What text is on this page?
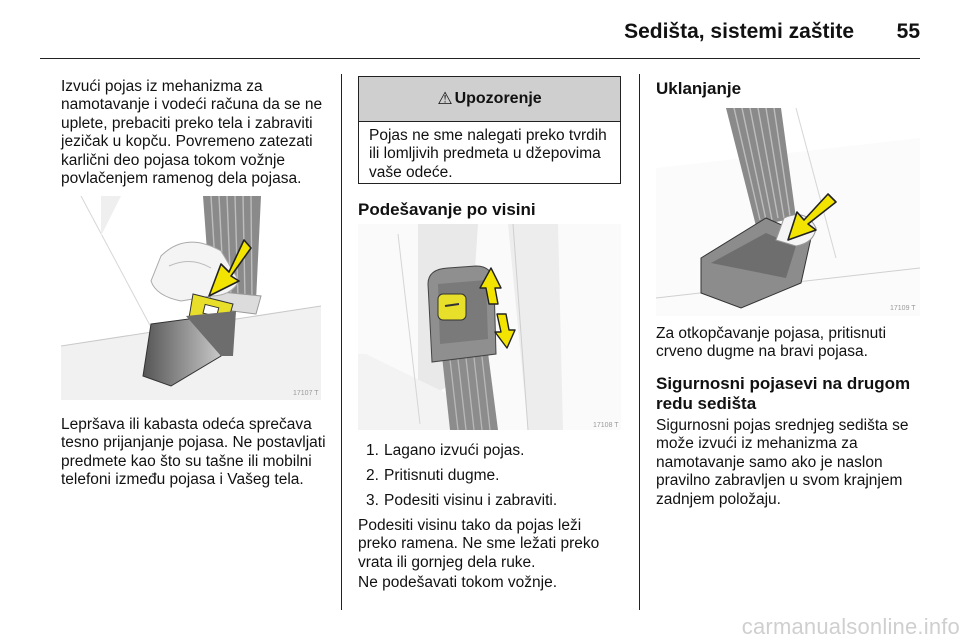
Sedišta, sistemi zaštite 55

Izvući pojas iz mehanizma za namotavanje i vodeći računa da se ne uplete, prebaciti preko tela i zabraviti jezičak u kopču. Povremeno zatezati karlični deo pojasa tokom vožnje povlačenjem ramenog dela pojasa.

17107 T

Lepršava ili kabasta odeća sprečava tesno prijanjanje pojasa. Ne postavljati predmete kao što su tašne ili mobilni telefoni između pojasa i Vašeg tela.

⚠ Upozorenje
Pojas ne sme nalegati preko tvrdih ili lomljivih predmeta u džepovima vaše odeće.
Podešavanje po visini
17108 T
1. Lagano izvući pojas.
2. Pritisnuti dugme.
3. Podesiti visinu i zabraviti.

Podesiti visinu tako da pojas leži preko ramena. Ne sme ležati preko vrata ili gornjeg dela ruke.

Ne podešavati tokom vožnje.

Uklanjanje
17109 T

Za otkopčavanje pojasa, pritisnuti crveno dugme na bravi pojasa.

Sigurnosni pojasevi na drugom redu sedišta

Sigurnosni pojas srednjeg sedišta se može izvući iz mehanizma za namotavanje samo ako je naslon pravilno zabravljen u svom krajnjem zadnjem položaju.

carmanualsonline.info
